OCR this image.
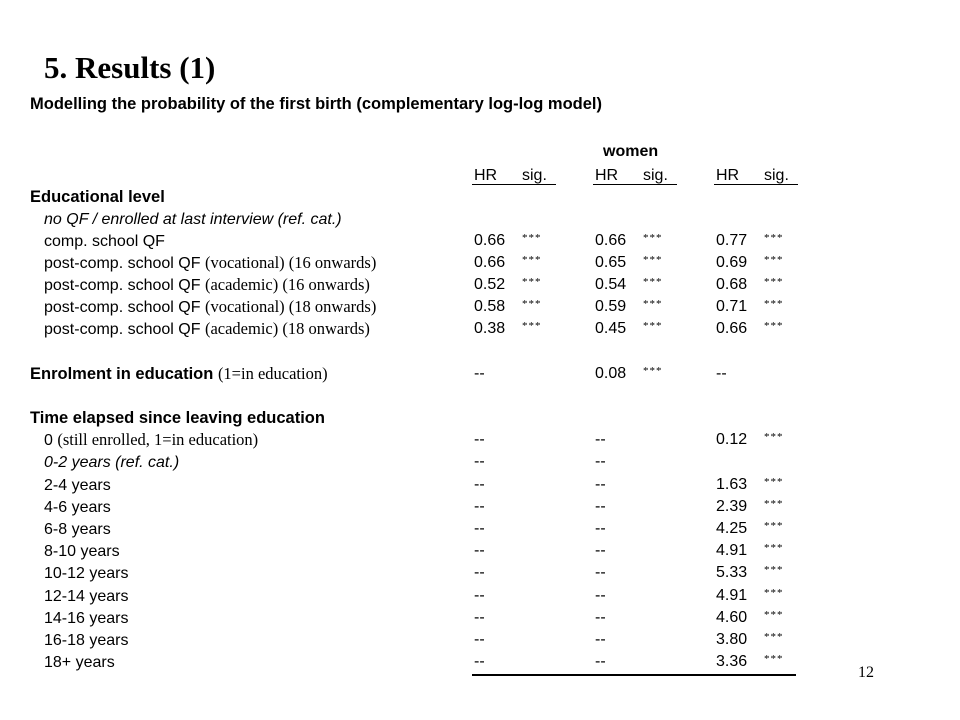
5. Results (1)
Modelling the probability of the first birth (complementary log-log model)
women
HR sig.	HR sig.	HR sig.
Educational level
no QF / enrolled at last interview (ref. cat.)
comp. school QF	0.66 ***	0.66 ***	0.77 ***
post-comp. school QF (vocational) (16 onwards)	0.66 ***	0.65 ***	0.69 ***
post-comp. school QF (academic) (16 onwards)	0.52 ***	0.54 ***	0.68 ***
post-comp. school QF (vocational) (18 onwards)	0.58 ***	0.59 ***	0.71 ***
post-comp. school QF (academic) (18 onwards)	0.38 ***	0.45 ***	0.66 ***
Enrolment in education (1=in education)	--	0.08 ***	--
Time elapsed since leaving education
0 (still enrolled, 1=in education)	--	--	0.12 ***
0-2 years (ref. cat.)	--	--
2-4 years	--	--	1.63 ***
4-6 years	--	--	2.39 ***
6-8 years	--	--	4.25 ***
8-10 years	--	--	4.91 ***
10-12 years	--	--	5.33 ***
12-14 years	--	--	4.91 ***
14-16 years	--	--	4.60 ***
16-18 years	--	--	3.80 ***
18+ years	--	--	3.36 ***
12
